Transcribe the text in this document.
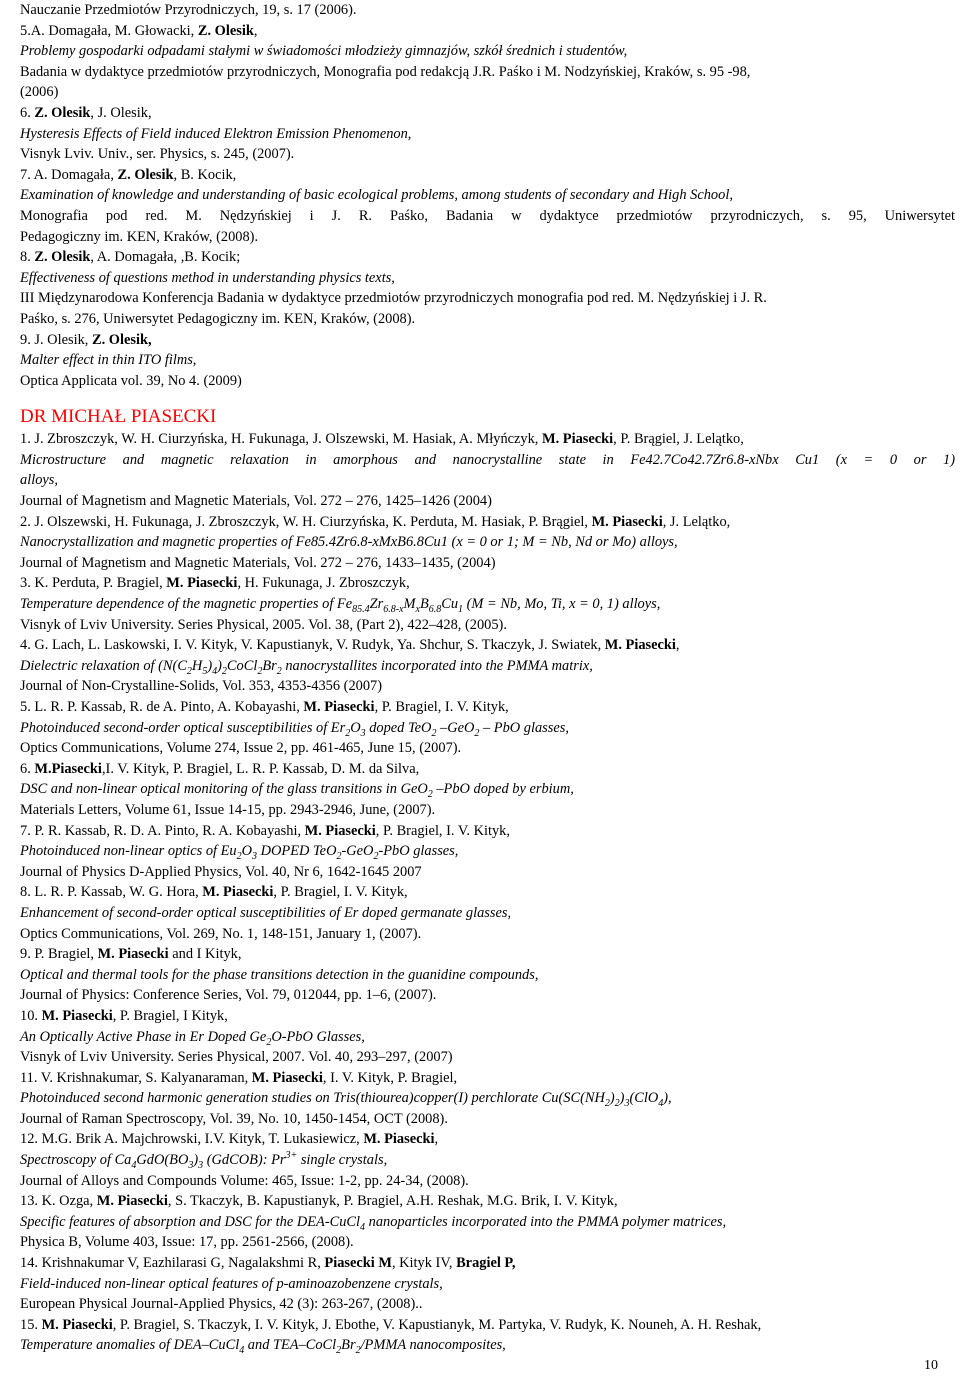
Nauczanie Przedmiotów Przyrodniczych, 19, s. 17 (2006).
5.A. Domagała, M. Głowacki, Z. Olesik,
Problemy gospodarki odpadami stałymi w świadomości młodzieży gimnazjów, szkół średnich i studentów,
Badania w dydaktyce przedmiotów przyrodniczych, Monografia pod redakcją J.R. Paśko i M. Nodzyńskiej, Kraków, s. 95 -98,
(2006)
6. Z. Olesik, J. Olesik,
Hysteresis Effects of Field induced Elektron Emission Phenomenon,
Visnyk Lviv. Univ., ser. Physics, s. 245, (2007).
7. A. Domagała, Z. Olesik, B. Kocik,
Examination of knowledge and understanding of basic ecological problems, among students of secondary and High School,
Monografia pod red. M. Nędzyńskiej i J. R. Paśko, Badania w dydaktyce przedmiotów przyrodniczych, s. 95, Uniwersytet
Pedagogiczny im. KEN, Kraków, (2008).
8. Z. Olesik, A. Domagała, ,B. Kocik;
Effectiveness of questions method in understanding physics texts,
III Międzynarodowa Konferencja Badania w dydaktyce przedmiotów przyrodniczych monografia pod red. M. Nędzyńskiej i J. R.
Paśko, s. 276, Uniwersytet Pedagogiczny im. KEN, Kraków, (2008).
9. J. Olesik, Z. Olesik,
Malter effect in thin ITO films,
Optica Applicata vol. 39, No 4. (2009)
DR MICHAŁ PIASECKI
1. J. Zbroszczyk, W. H. Ciurzyńska, H. Fukunaga, J. Olszewski, M. Hasiak, A. Młyńczyk, M. Piasecki, P. Brągiel, J. Lelątko,
Microstructure and magnetic relaxation in amorphous and nanocrystalline state in Fe42.7Co42.7Zr6.8-xNbx Cu1 (x = 0 or 1)
alloys,
Journal of Magnetism and Magnetic Materials, Vol. 272 – 276, 1425–1426 (2004)
2. J. Olszewski, H. Fukunaga, J. Zbroszczyk, W. H. Ciurzyńska, K. Perduta, M. Hasiak, P. Brągiel, M. Piasecki, J. Lelątko,
Nanocrystallization and magnetic properties of Fe85.4Zr6.8-xMxB6.8Cu1 (x = 0 or 1; M = Nb, Nd or Mo) alloys,
Journal of Magnetism and Magnetic Materials, Vol. 272 – 276, 1433–1435, (2004)
3. K. Perduta, P. Bragiel, M. Piasecki, H. Fukunaga, J. Zbroszczyk,
Temperature dependence of the magnetic properties of $Fe_{85.4}Zr_{6.8-x}M_xB_{6.8}Cu_1$ (M = Nb, Mo, Ti, x = 0, 1) alloys,
Visnyk of Lviv University. Series Physical, 2005. Vol. 38, (Part 2), 422–428, (2005).
4. G. Lach, L. Laskowski, I. V. Kityk, V. Kapustianyk, V. Rudyk, Ya. Shchur, S. Tkaczyk, J. Swiatek, M. Piasecki,
Dielectric relaxation of $(N(C_2H_5)_4)_2CoCl_2Br_2$ nanocrystallites incorporated into the PMMA matrix,
Journal of Non-Crystalline-Solids, Vol. 353, 4353-4356 (2007)
5. L. R. P. Kassab, R. de A. Pinto, A. Kobayashi, M. Piasecki, P. Bragiel, I. V. Kityk,
Photoinduced second-order optical susceptibilities of $Er_2O_3$ doped TeO$_2$ –GeO$_2$ – PbO glasses,
Optics Communications, Volume 274, Issue 2, pp. 461-465, June 15, (2007).
6. M.Piasecki,I. V. Kityk, P. Bragiel, L. R. P. Kassab, D. M. da Silva,
DSC and non-linear optical monitoring of the glass transitions in GeO$_2$ –PbO doped by erbium,
Materials Letters, Volume 61, Issue 14-15, pp. 2943-2946, June, (2007).
7. P. R. Kassab, R. D. A. Pinto, R. A. Kobayashi, M. Piasecki, P. Bragiel, I. V. Kityk,
Photoinduced non-linear optics of $Eu_2O_3$ DOPED TeO$_2$-GeO$_2$-PbO glasses,
Journal of Physics D-Applied Physics, Vol. 40, Nr 6, 1642-1645 2007
8. L. R. P. Kassab, W. G. Hora, M. Piasecki, P. Bragiel, I. V. Kityk,
Enhancement of second-order optical susceptibilities of Er doped germanate glasses,
Optics Communications, Vol. 269, No. 1, 148-151, January 1, (2007).
9. P. Bragiel, M. Piasecki and I Kityk,
Optical and thermal tools for the phase transitions detection in the guanidine compounds,
Journal of Physics: Conference Series, Vol. 79, 012044, pp. 1–6, (2007).
10. M. Piasecki, P. Bragiel, I Kityk,
An Optically Active Phase in Er Doped $Ge_2O$-PbO Glasses,
Visnyk of Lviv University. Series Physical, 2007. Vol. 40, 293–297, (2007)
11. V. Krishnakumar, S. Kalyanaraman, M. Piasecki, I. V. Kityk, P. Bragiel,
Photoinduced second harmonic generation studies on Tris(thiourea)copper(I) perchlorate $Cu(SC(NH_2)_2)_3(ClO_4)$,
Journal of Raman Spectroscopy, Vol. 39, No. 10, 1450-1454, OCT (2008).
12. M.G. Brik A. Majchrowski, I.V. Kityk, T. Lukasiewicz, M. Piasecki,
Spectroscopy of $Ca_4GdO(BO_3)_3$ (GdCOB): $Pr^{3+}$ single crystals,
Journal of Alloys and Compounds Volume: 465, Issue: 1-2, pp. 24-34, (2008).
13. K. Ozga, M. Piasecki, S. Tkaczyk, B. Kapustianyk, P. Bragiel, A.H. Reshak, M.G. Brik, I. V. Kityk,
Specific features of absorption and DSC for the DEA-CuCl$_4$ nanoparticles incorporated into the PMMA polymer matrices,
Physica B, Volume 403, Issue: 17, pp. 2561-2566, (2008).
14. Krishnakumar V, Eazhilarasi G, Nagalakshmi R, Piasecki M, Kityk IV, Bragiel P,
Field-induced non-linear optical features of p-aminoazobenzene crystals,
European Physical Journal-Applied Physics, 42 (3): 263-267, (2008)..
15. M. Piasecki, P. Bragiel, S. Tkaczyk, I. V. Kityk, J. Ebothe, V. Kapustianyk, M. Partyka, V. Rudyk, K. Nouneh, A. H. Reshak,
Temperature anomalies of DEA–CuCl$_4$ and TEA–$CoCl_2Br_2$/PMMA nanocomposites,
10
